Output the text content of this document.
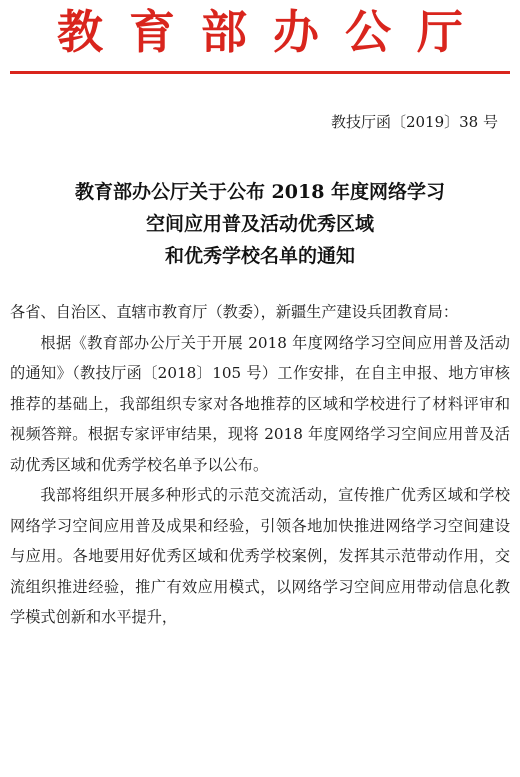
教育部办公厅
教技厅函〔2019〕38 号
教育部办公厅关于公布 2018 年度网络学习
空间应用普及活动优秀区域
和优秀学校名单的通知

各省、自治区、直辖市教育厅（教委），新疆生产建设兵团教育局：

根据《教育部办公厅关于开展 2018 年度网络学习空间应用普及活动的通知》（教技厅函〔2018〕105 号）工作安排，在自主申报、地方审核推荐的基础上，我部组织专家对各地推荐的区域和学校进行了材料评审和视频答辩。根据专家评审结果，现将 2018 年度网络学习空间应用普及活动优秀区域和优秀学校名单予以公布。

我部将组织开展多种形式的示范交流活动，宣传推广优秀区域和学校网络学习空间应用普及成果和经验，引领各地加快推进网络学习空间建设与应用。各地要用好优秀区域和优秀学校案例，发挥其示范带动作用，交流组织推进经验，推广有效应用模式，以网络学习空间应用带动信息化教学模式创新和水平提升，
